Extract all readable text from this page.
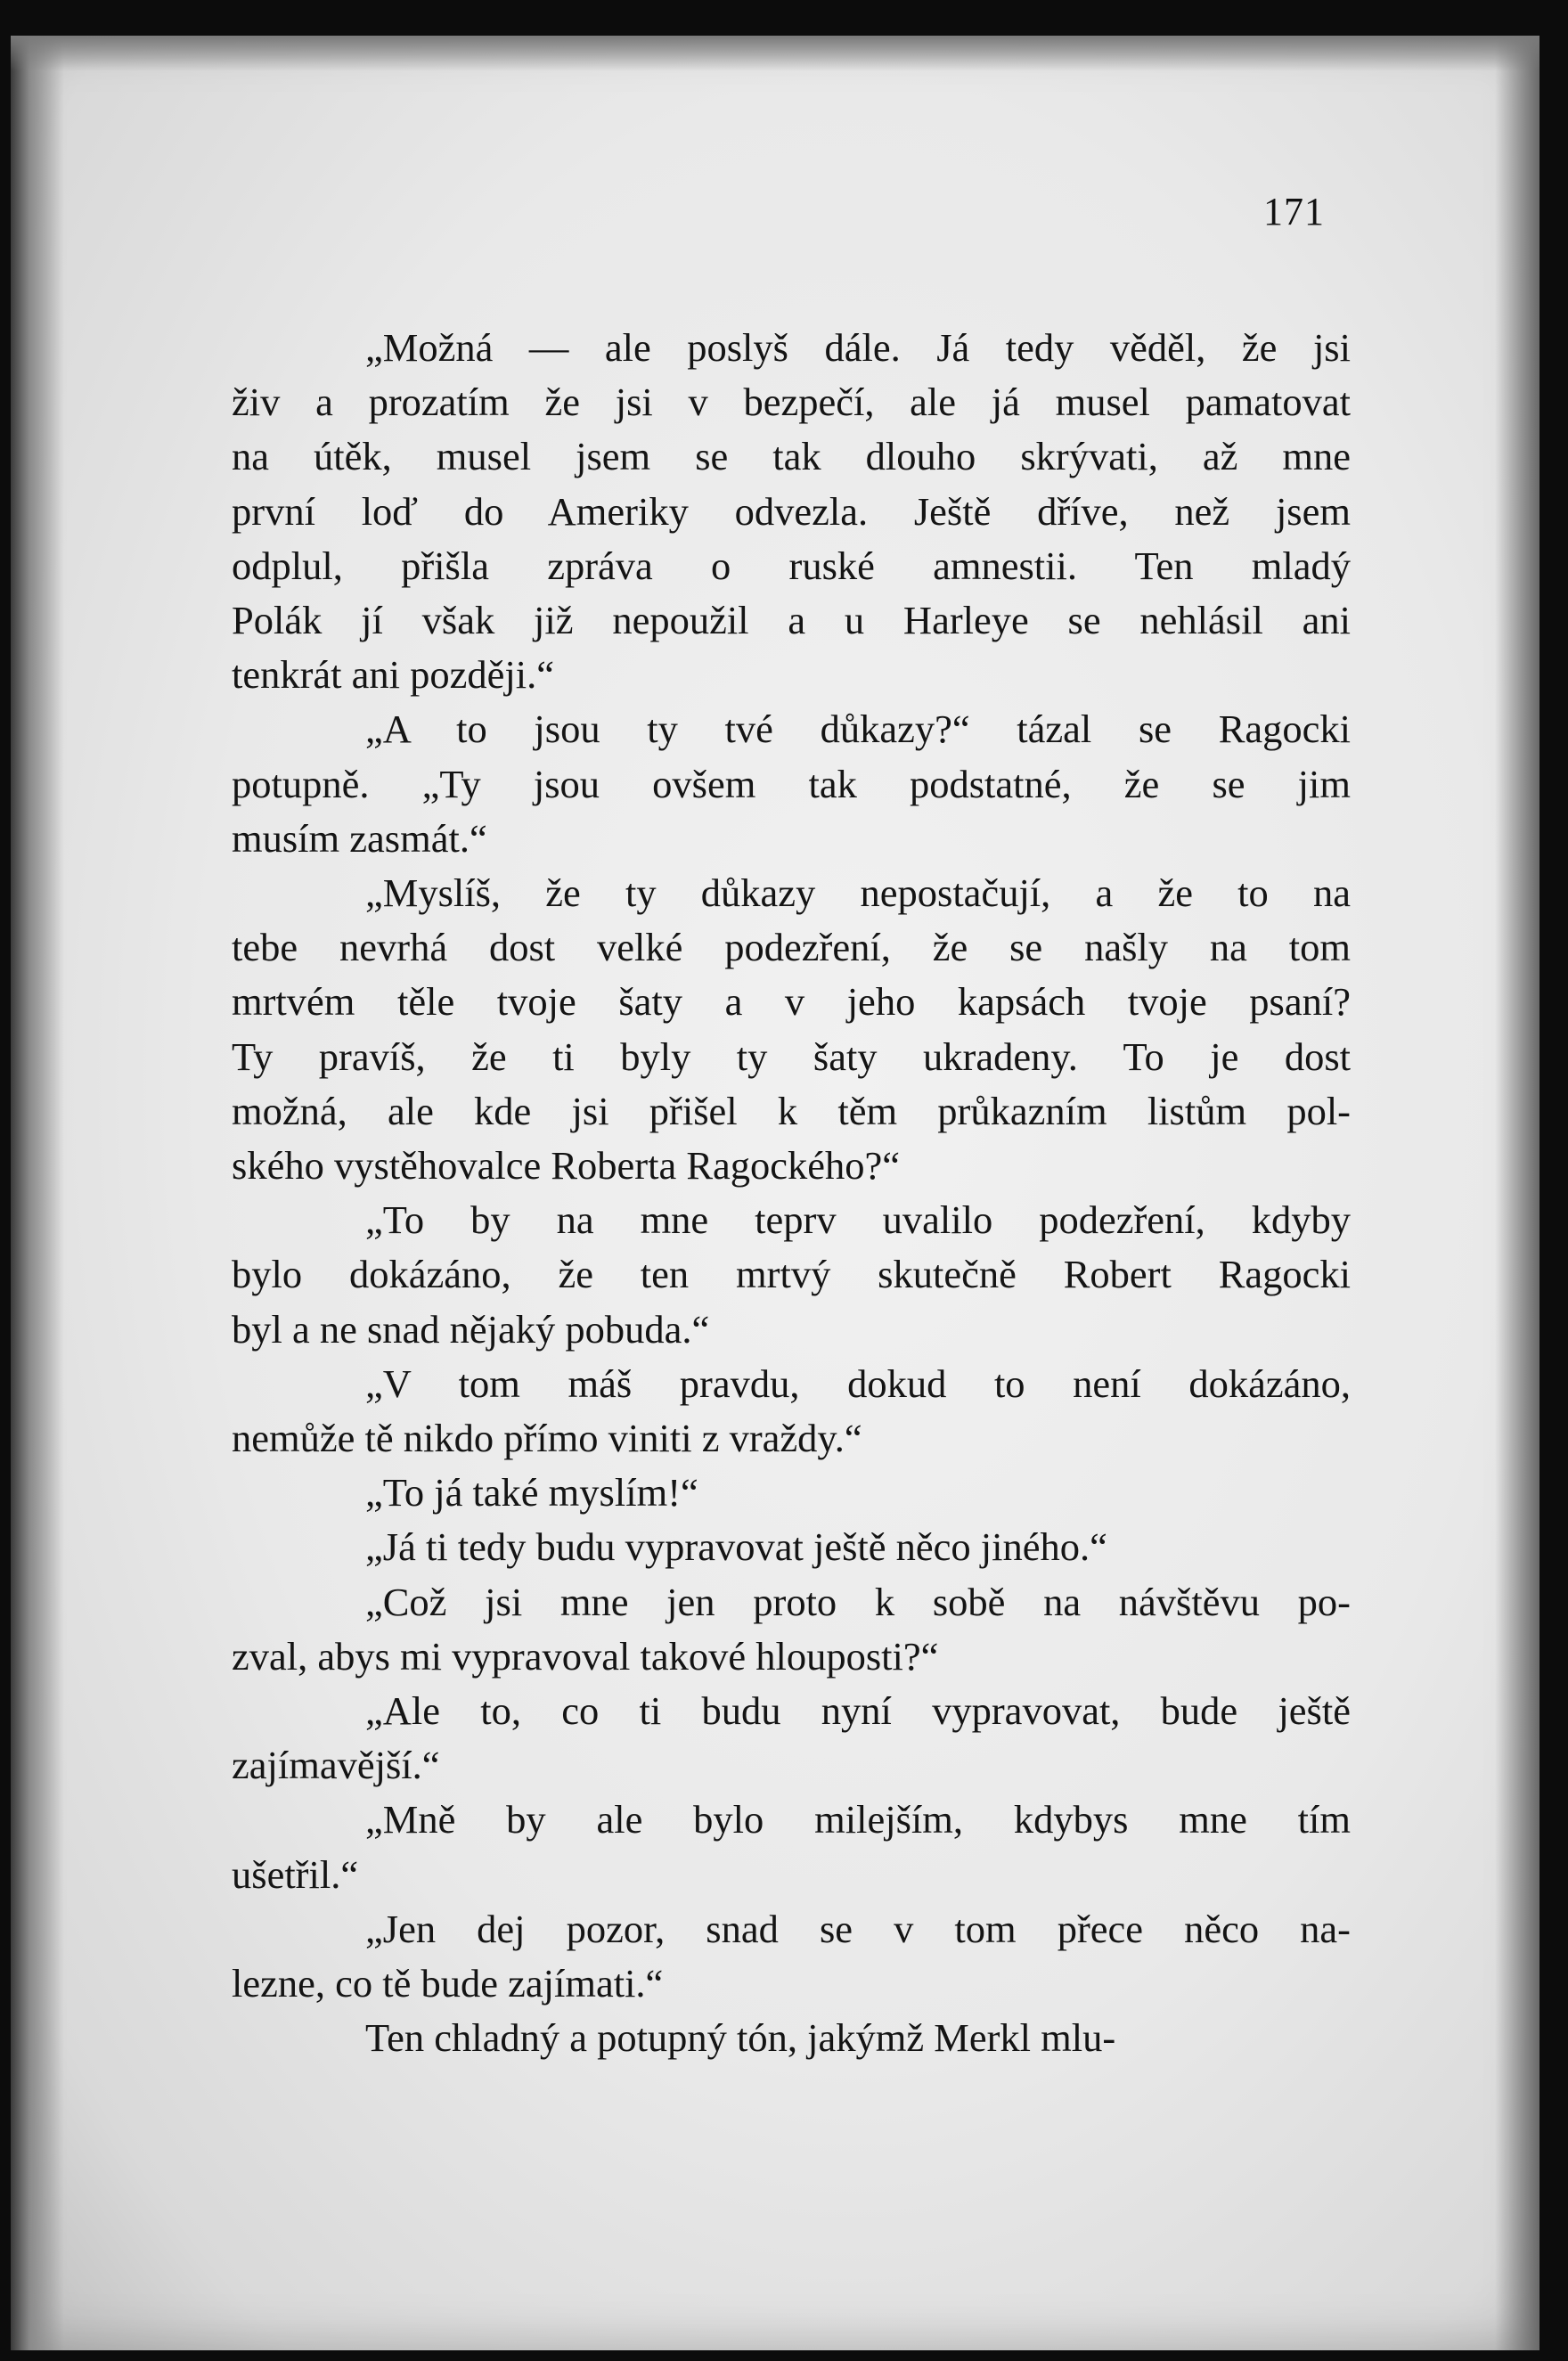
171
„Možná — ale poslyš dále. Já tedy věděl, že jsi
živ a prozatím že jsi v bezpečí, ale já musel pamatovat
na útěk, musel jsem se tak dlouho skrývati, až mne
první loď do Ameriky odvezla. Ještě dříve, než jsem
odplul, přišla zpráva o ruské amnestii. Ten mladý
Polák jí však již nepoužil a u Harleye se nehlásil ani
tenkrát ani později.“
„A to jsou ty tvé důkazy?“ tázal se Ragocki
potupně. „Ty jsou ovšem tak podstatné, že se jim
musím zasmát.“
„Myslíš, že ty důkazy nepostačují, a že to na
tebe nevrhá dost velké podezření, že se našly na tom
mrtvém těle tvoje šaty a v jeho kapsách tvoje psaní?
Ty pravíš, že ti byly ty šaty ukradeny. To je dost
možná, ale kde jsi přišel k těm průkazním listům pol-
ského vystěhovalce Roberta Ragockého?“
„To by na mne teprv uvalilo podezření, kdyby
bylo dokázáno, že ten mrtvý skutečně Robert Ragocki
byl a ne snad nějaký pobuda.“
„V tom máš pravdu, dokud to není dokázáno,
nemůže tě nikdo přímo viniti z vraždy.“
„To já také myslím!“
„Já ti tedy budu vypravovat ještě něco jiného.“
„Což jsi mne jen proto k sobě na návštěvu po-
zval, abys mi vypravoval takové hlouposti?“
„Ale to, co ti budu nyní vypravovat, bude ještě
zajímavější.“
„Mně by ale bylo milejším, kdybys mne tím
ušetřil.“
„Jen dej pozor, snad se v tom přece něco na-
lezne, co tě bude zajímati.“
Ten chladný a potupný tón, jakýmž Merkl mlu-
